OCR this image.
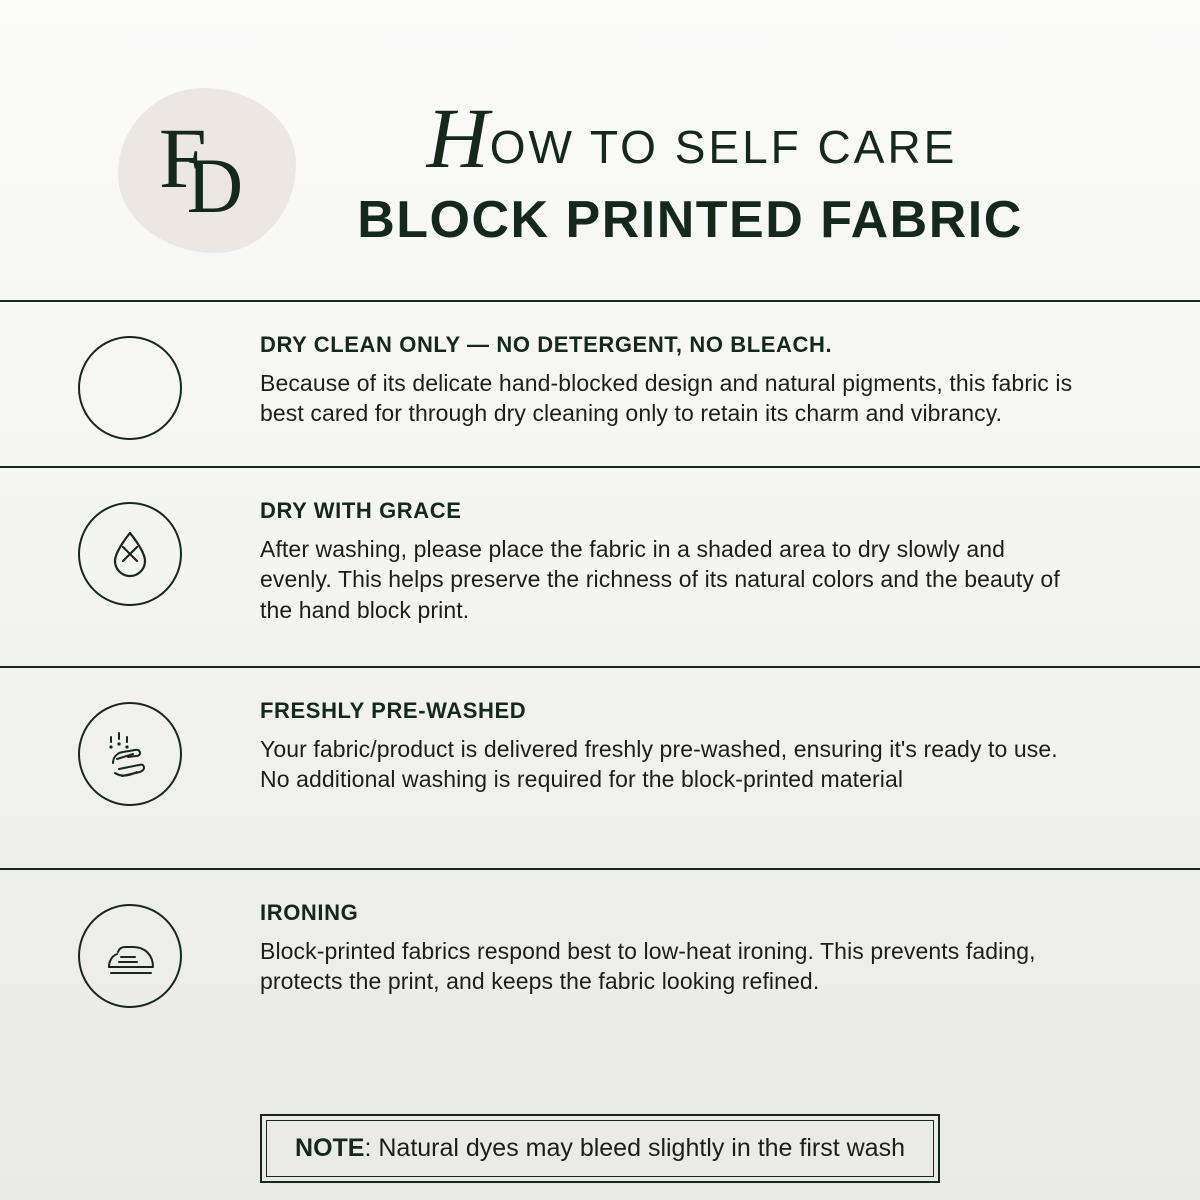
F
D H
OW TO SELF CARE
BLOCK PRINTED FABRIC
DRY CLEAN ONLY — NO DETERGENT, NO BLEACH.
Because of its delicate hand-blocked design and natural pigments, this fabric is best cared for through dry cleaning only to retain its charm and vibrancy.
DRY WITH GRACE
After washing, please place the fabric in a shaded area to dry slowly and evenly. This helps preserve the richness of its natural colors and the beauty of the hand block print.
FRESHLY PRE-WASHED
Your fabric/product is delivered freshly pre-washed, ensuring it's ready to use. No additional washing is required for the block-printed material
IRONING
Block-printed fabrics respond best to low-heat ironing. This prevents fading, protects the print, and keeps the fabric looking refined.
NOTE: Natural dyes may bleed slightly in the first wash
